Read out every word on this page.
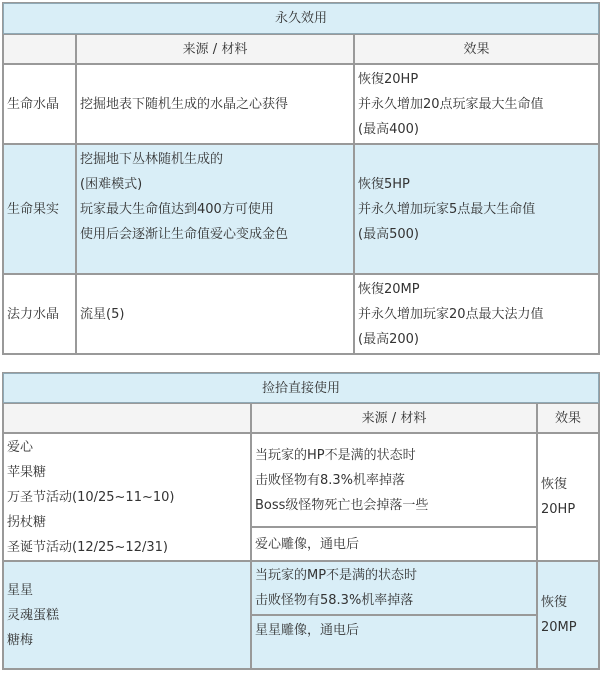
永久效用		
	来源 / 材料	效果
生命水晶	挖掘地表下随机生成的水晶之心获得	恢復20HP
并永久增加20点玩家最大生命值
(最高400)

生命果实	挖掘地下丛林随机生成的
(困难模式)
玩家最大生命值达到400方可使用
使用后会逐渐让生命值爱心变成金色	恢復5HP
并永久增加玩家5点最大生命值
(最高500)

法力水晶	流星(5)	恢復20MP
并永久增加玩家20点最大法力值
(最高200)
捡拾直接使用		
	来源 / 材料	效果

爱心
苹果糖
万圣节活动(10/25~11~10)
拐杖糖
圣诞节活动(12/25~12/31)	当玩家的HP不是满的状态时
击败怪物有8.3%机率掉落
Boss级怪物死亡也会掉落一些	恢復
20HP

	爱心雕像，通电后	

星星
灵魂蛋糕
糖梅	当玩家的MP不是满的状态时
击败怪物有58.3%机率掉落	恢復
20MP

	星星雕像，通电后	
